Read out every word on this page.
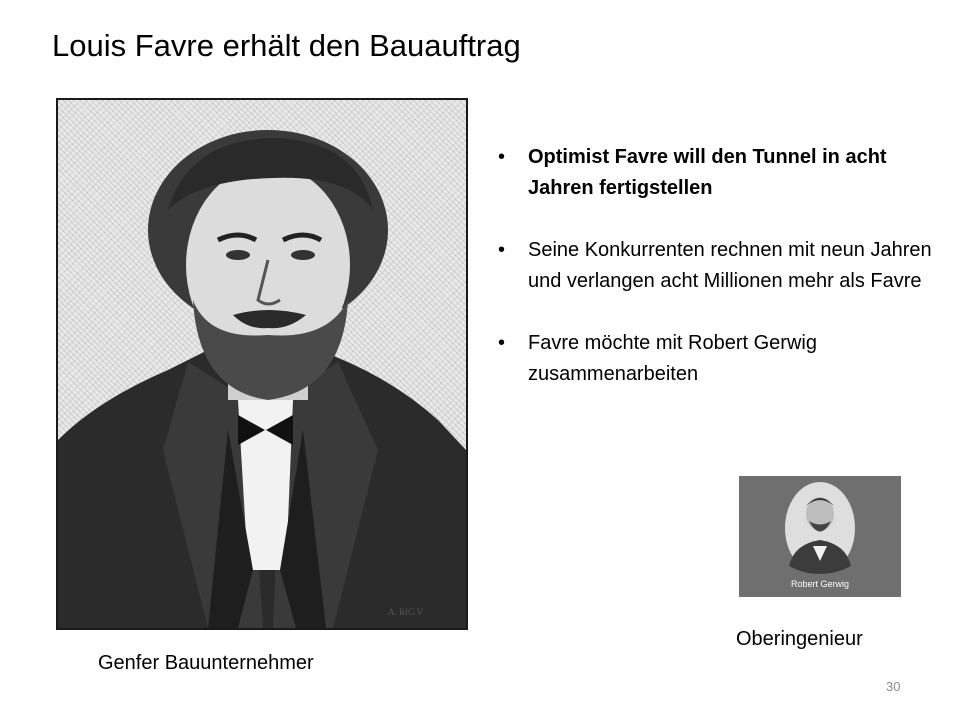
Louis Favre erhält den Bauauftrag
A. RIG.V
Genfer Bauunternehmer
• Optimist Favre will den Tunnel in acht Jahren fertigstellen
• Seine Konkurrenten rechnen mit neun Jahren und verlangen acht Millionen mehr als Favre
• Favre möchte mit Robert Gerwig zusammenarbeiten
Robert Gerwig
Oberingenieur
30
